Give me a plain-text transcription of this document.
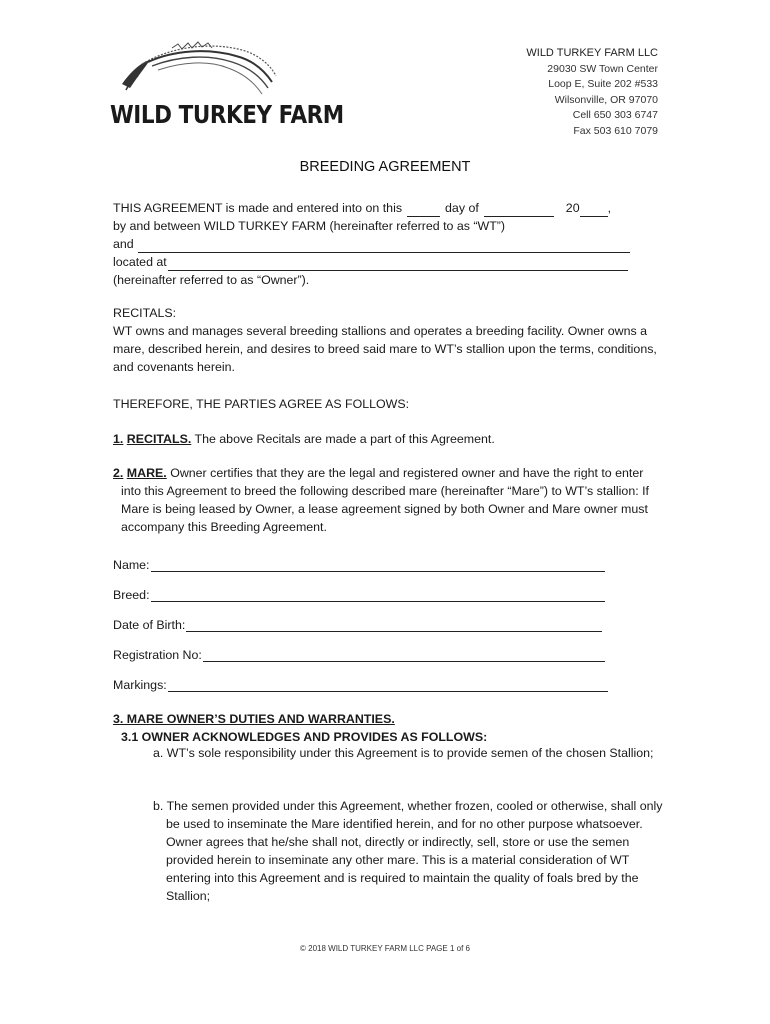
WILD TURKEY FARM
WILD TURKEY FARM LLC
29030 SW Town Center
Loop E, Suite 202 #533
Wilsonville, OR 97070
Cell 650 303 6747
Fax 503 610 7079
BREEDING AGREEMENT
THIS AGREEMENT is made and entered into on this	day of	20 ,
by and between WILD TURKEY FARM (hereinafter referred to as “WT”)
and
located at
(hereinafter referred to as “Owner”).
RECITALS:
WT owns and manages several breeding stallions and operates a breeding facility. Owner owns a mare, described herein, and desires to breed said mare to WT’s stallion upon the terms, conditions, and covenants herein.
THEREFORE, THE PARTIES AGREE AS FOLLOWS:
1. RECITALS. The above Recitals are made a part of this Agreement.
2. MARE. Owner certifies that they are the legal and registered owner and have the right to enter into this Agreement to breed the following described mare (hereinafter “Mare”) to WT’s stallion: If Mare is being leased by Owner, a lease agreement signed by both Owner and Mare owner must accompany this Breeding Agreement.
Name:
Breed:
Date of Birth:
Registration No:
Markings:
3. MARE OWNER’S DUTIES AND WARRANTIES.
3.1 OWNER ACKNOWLEDGES AND PROVIDES AS FOLLOWS:
a. WT’s sole responsibility under this Agreement is to provide semen of the chosen Stallion;
b. The semen provided under this Agreement, whether frozen, cooled or otherwise, shall only be used to inseminate the Mare identified herein, and for no other purpose whatsoever. Owner agrees that he/she shall not, directly or indirectly, sell, store or use the semen provided herein to inseminate any other mare. This is a material consideration of WT entering into this Agreement and is required to maintain the quality of foals bred by the Stallion;
© 2018 WILD TURKEY FARM LLC PAGE 1 of 6
